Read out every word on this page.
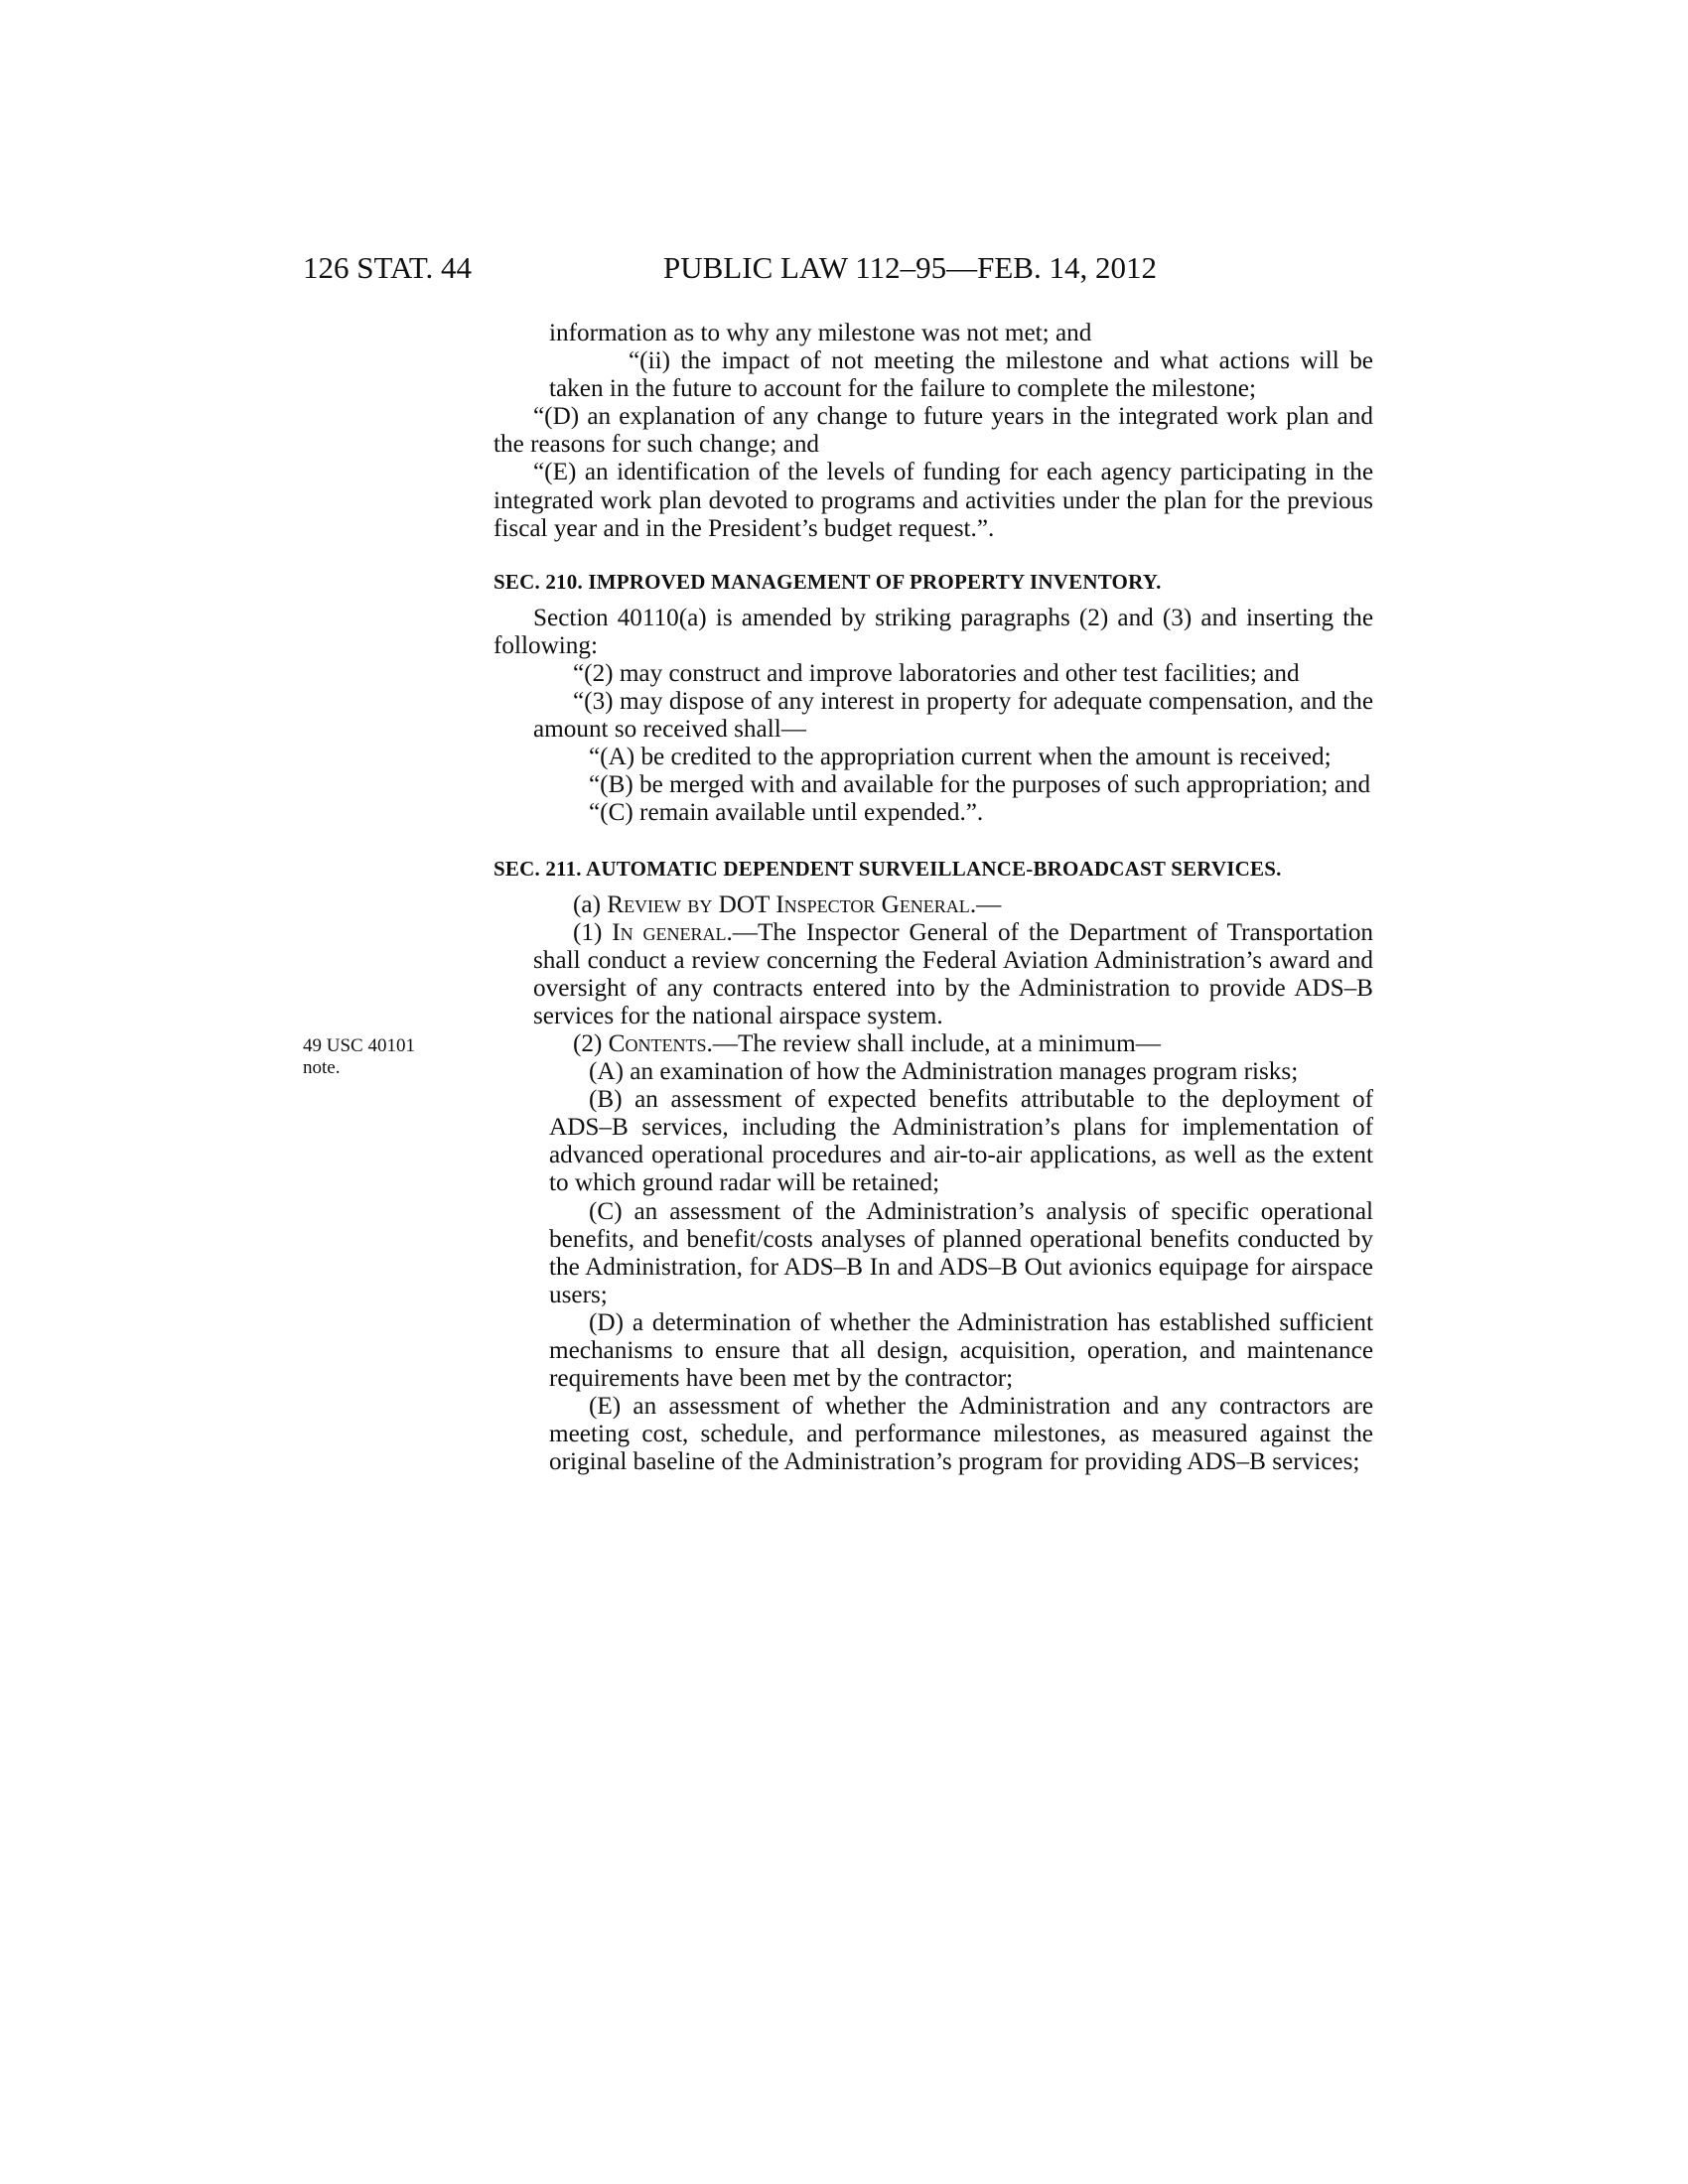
126 STAT. 44	PUBLIC LAW 112–95—FEB. 14, 2012
49 USC 40101
note.

information as to why any milestone was not met; and

“(ii) the impact of not meeting the milestone and what actions will be taken in the future to account for the failure to complete the milestone;

“(D) an explanation of any change to future years in the integrated work plan and the reasons for such change; and

“(E) an identification of the levels of funding for each agency participating in the integrated work plan devoted to programs and activities under the plan for the previous fiscal year and in the President’s budget request.”.

SEC. 210. IMPROVED MANAGEMENT OF PROPERTY INVENTORY.

Section 40110(a) is amended by striking paragraphs (2) and (3) and inserting the following:

“(2) may construct and improve laboratories and other test facilities; and

“(3) may dispose of any interest in property for adequate compensation, and the amount so received shall—

“(A) be credited to the appropriation current when the amount is received;

“(B) be merged with and available for the purposes of such appropriation; and

“(C) remain available until expended.”.

SEC. 211. AUTOMATIC DEPENDENT SURVEILLANCE-BROADCAST SERVICES.

(a) Review by DOT Inspector General.—

(1) In general.—The Inspector General of the Department of Transportation shall conduct a review concerning the Federal Aviation Administration’s award and oversight of any contracts entered into by the Administration to provide ADS–B services for the national airspace system.

(2) Contents.—The review shall include, at a minimum—

(A) an examination of how the Administration manages program risks;

(B) an assessment of expected benefits attributable to the deployment of ADS–B services, including the Administration’s plans for implementation of advanced operational procedures and air-to-air applications, as well as the extent to which ground radar will be retained;

(C) an assessment of the Administration’s analysis of specific operational benefits, and benefit/costs analyses of planned operational benefits conducted by the Administration, for ADS–B In and ADS–B Out avionics equipage for airspace users;

(D) a determination of whether the Administration has established sufficient mechanisms to ensure that all design, acquisition, operation, and maintenance requirements have been met by the contractor;

(E) an assessment of whether the Administration and any contractors are meeting cost, schedule, and performance milestones, as measured against the original baseline of the Administration’s program for providing ADS–B services;
